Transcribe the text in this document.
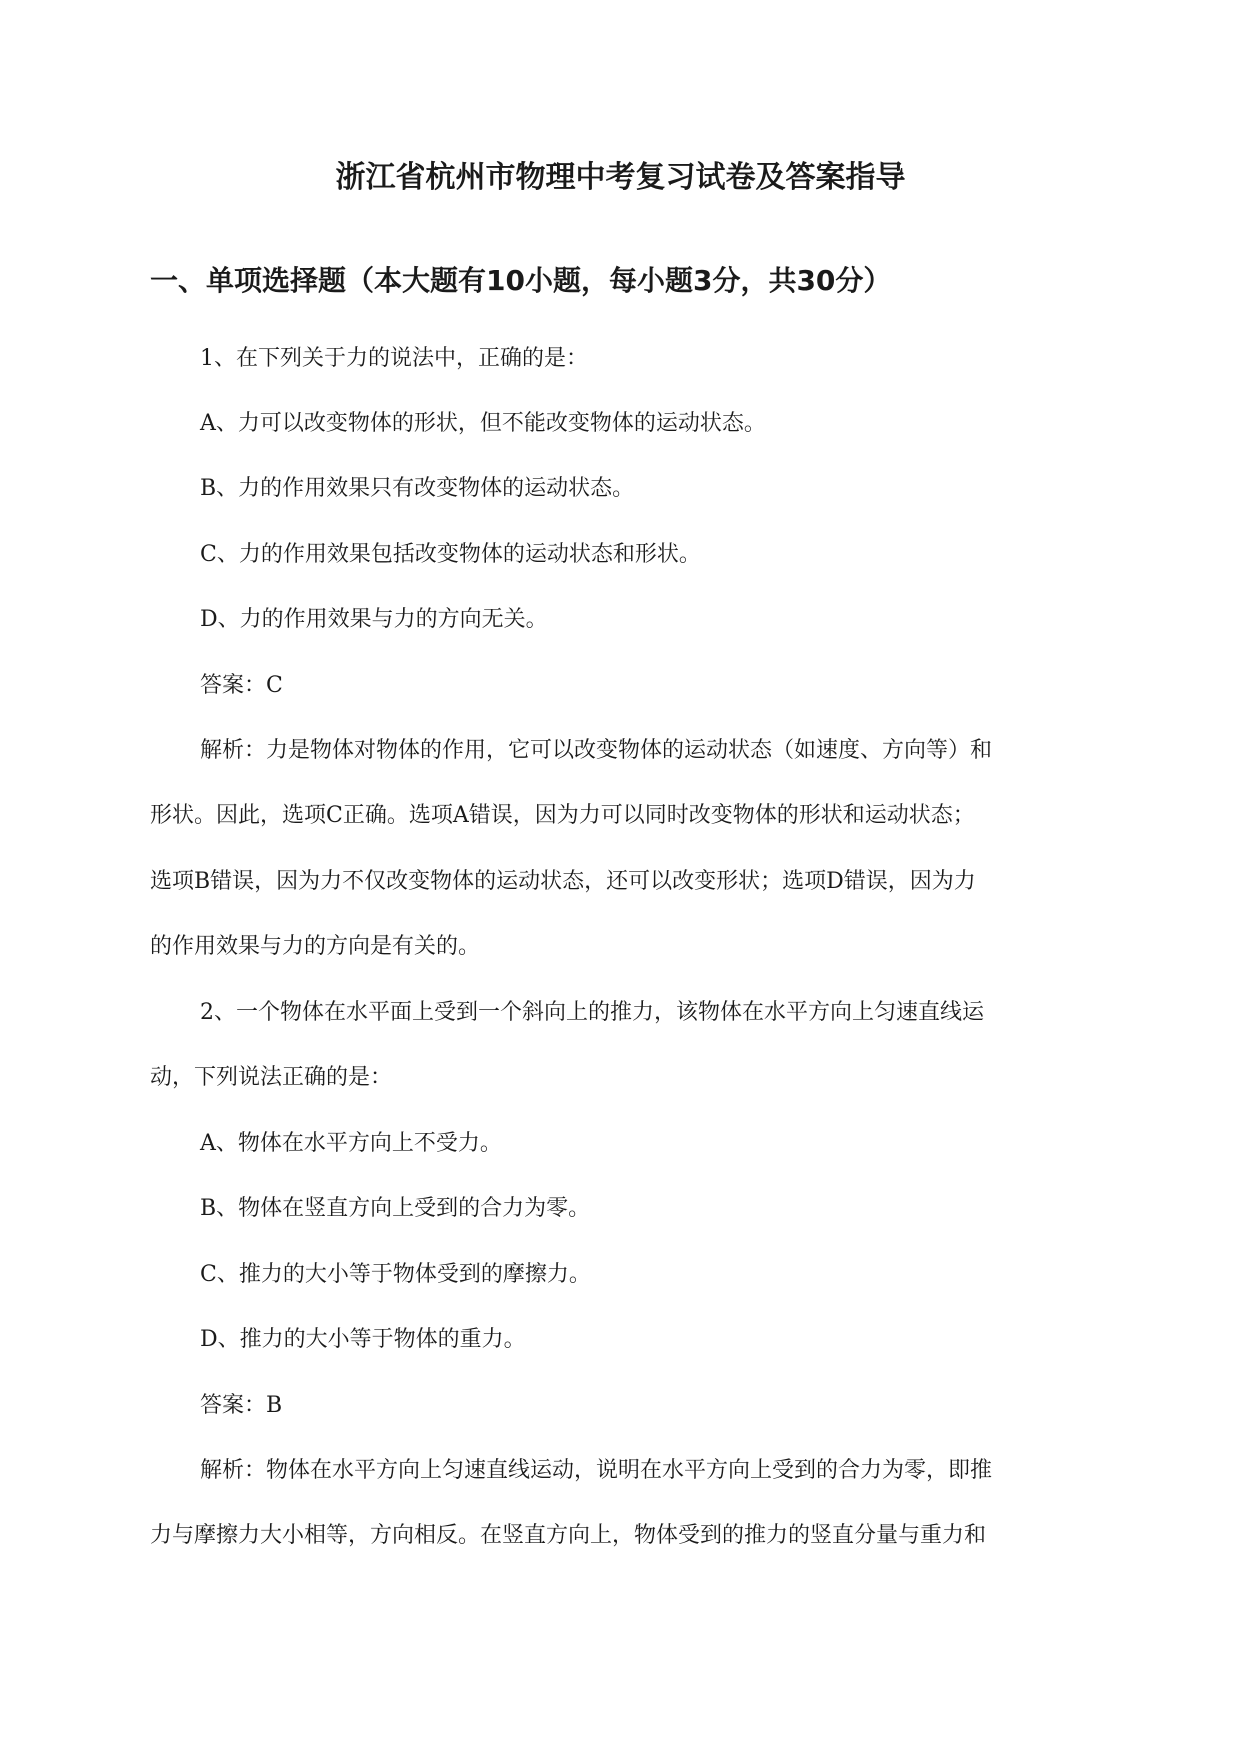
浙江省杭州市物理中考复习试卷及答案指导
一、单项选择题（本大题有10小题，每小题3分，共30分）

1、在下列关于力的说法中，正确的是：

A、力可以改变物体的形状，但不能改变物体的运动状态。

B、力的作用效果只有改变物体的运动状态。

C、力的作用效果包括改变物体的运动状态和形状。

D、力的作用效果与力的方向无关。

答案：C

解析：力是物体对物体的作用，它可以改变物体的运动状态（如速度、方向等）和

形状。因此，选项C正确。选项A错误，因为力可以同时改变物体的形状和运动状态；

选项B错误，因为力不仅改变物体的运动状态，还可以改变形状；选项D错误，因为力

的作用效果与力的方向是有关的。

2、一个物体在水平面上受到一个斜向上的推力，该物体在水平方向上匀速直线运

动，下列说法正确的是：

A、物体在水平方向上不受力。

B、物体在竖直方向上受到的合力为零。

C、推力的大小等于物体受到的摩擦力。

D、推力的大小等于物体的重力。

答案：B

解析：物体在水平方向上匀速直线运动，说明在水平方向上受到的合力为零，即推

力与摩擦力大小相等，方向相反。在竖直方向上，物体受到的推力的竖直分量与重力和
